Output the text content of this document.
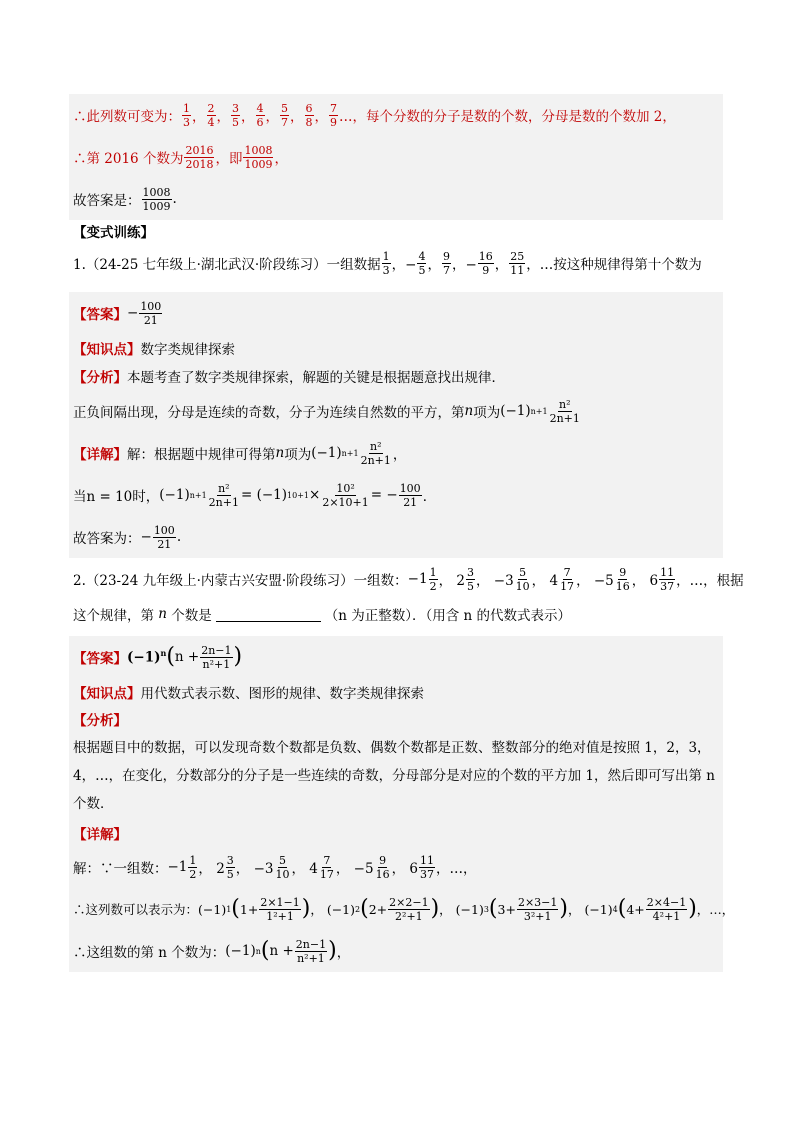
∴此列数可变为： $\frac{1}{3}$ ， $\frac{2}{4}$ ， $\frac{3}{5}$ ， $\frac{4}{6}$ ， $\frac{5}{7}$ ， $\frac{6}{8}$ ， $\frac{7}{9}$ …，每个分数的分子是数的个数，分母是数的个数加 2，
∴第 2016 个数为 $\frac{2016}{2018}$ ，即 $\frac{1008}{1009}$ ，
故答案是： $\frac{1008}{1009}$ .
【变式训练】
1.（24-25 七年级上·湖北武汉·阶段练习）一组数据 $\frac{1}{3}$ ，− $\frac{4}{5}$ ， $\frac{9}{7}$ ，− $\frac{16}{9}$ ， $\frac{25}{11}$ ，…按这种规律得第十个数为
【答案】 − $\frac{100}{21}$
【知识点】 数字类规律探索
【分析】 本题考查了数字类规律探索，解题的关键是根据题意找出规律．
正负间隔出现，分母是连续的奇数，分子为连续自然数的平方，第 n 项为 (−1) $n+1 \frac{\text{n²}}{2n+1}$
【详解】 解：根据题中规律可得第 n 项为 (−1) $n+1 \frac{\text{n²}}{2n+1}$ ，
当 n = 10时， (−1) $n+1 \frac{\text{n²}}{2n+1} = (-1) 10+1 \times \frac{\text{10²}}{2\times 10+1}$ = − $\frac{100}{21}$ ．
故答案为： − $\frac{100}{21}$ .
2.（23-24 九年级上·内蒙古兴安盟·阶段练习）一组数： $-1 \frac{1}{2}$ ， $2 \frac{3}{5}$ ， $-3 \frac{5}{10}$ ， $4 \frac{7}{17}$ ， $-5 \frac{9}{16}$ ， $6 \frac{11}{37}$ ，…，根据
这个规律，第 n 个数是	（n 为正整数）．（用含 n 的代数式表示）
【答案】 $(-1)^n$ ( $n + \frac{2n-1}{\text{n²+1}}$ )
【知识点】 用代数式表示数、图形的规律、数字类规律探索
【分析】
根据题目中的数据，可以发现奇数个数都是负数、偶数个数都是正数、整数部分的绝对值是按照 1，2，3，4，…，在变化，分数部分的分子是一些连续的奇数，分母部分是对应的个数的平方加 1，然后即可写出第 n 个数．
【详解】
解：∵一组数： $-1 \frac{1}{2}$ ， $2 \frac{3}{5}$ ， $-3 \frac{5}{10}$ ， $4 \frac{7}{17}$ ， $-5 \frac{9}{16}$ ， $6 \frac{11}{37}$ ，…，
∴这列数可以表示为： (−1) 1 ( $1+ \frac{2\times 1-1}{\text{1²+1}}$ ) ， (−1) 2 ( $2+ \frac{2\times 2-1}{\text{2²+1}}$ ) ， (−1) 3 ( $3+ \frac{2\times 3-1}{\text{3²+1}}$ ) ， (−1) 4 ( $4+ \frac{2\times 4-1}{\text{4²+1}}$ ) ，…，
∴这组数的第 n 个数为： (−1) n ( $n + \frac{2n-1}{\text{n²+1}}$ ) ，
